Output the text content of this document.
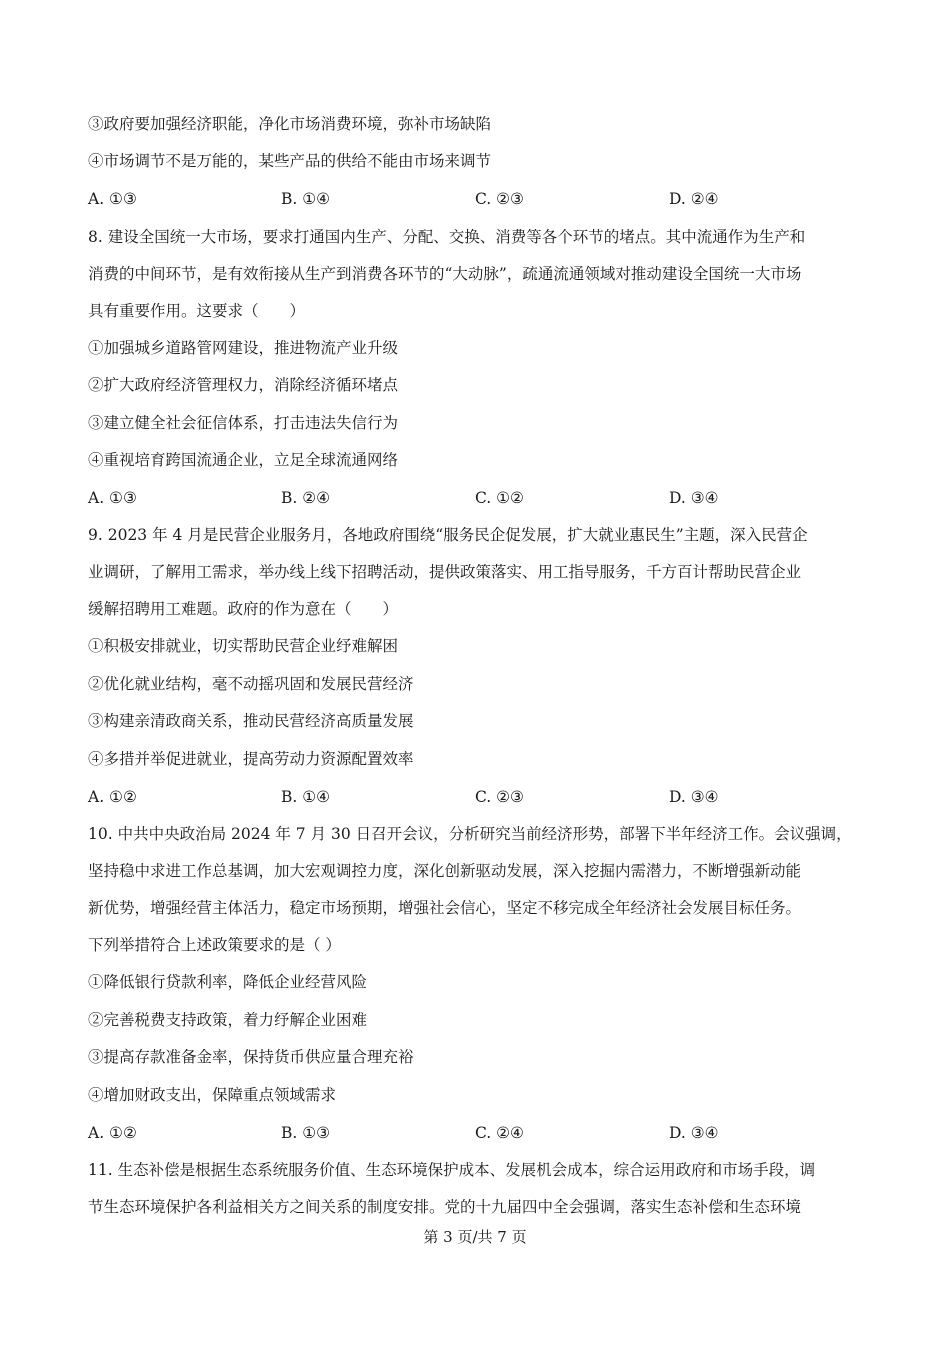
③政府要加强经济职能，净化市场消费环境，弥补市场缺陷
④市场调节不是万能的，某些产品的供给不能由市场来调节
A. ①③	B. ①④	C. ②③	D. ②④
8. 建设全国统一大市场，要求打通国内生产、分配、交换、消费等各个环节的堵点。其中流通作为生产和
消费的中间环节，是有效衔接从生产到消费各环节的“大动脉”，疏通流通领域对推动建设全国统一大市场
具有重要作用。这要求（　　）
①加强城乡道路管网建设，推进物流产业升级
②扩大政府经济管理权力，消除经济循环堵点
③建立健全社会征信体系，打击违法失信行为
④重视培育跨国流通企业，立足全球流通网络
A. ①③	B. ②④	C. ①②	D. ③④
9. 2023 年 4 月是民营企业服务月，各地政府围绕“服务民企促发展，扩大就业惠民生”主题，深入民营企
业调研，了解用工需求，举办线上线下招聘活动，提供政策落实、用工指导服务，千方百计帮助民营企业
缓解招聘用工难题。政府的作为意在（　　）
①积极安排就业，切实帮助民营企业纾难解困
②优化就业结构，毫不动摇巩固和发展民营经济
③构建亲清政商关系，推动民营经济高质量发展
④多措并举促进就业，提高劳动力资源配置效率
A. ①②	B. ①④	C. ②③	D. ③④
10. 中共中央政治局 2024 年 7 月 30 日召开会议，分析研究当前经济形势，部署下半年经济工作。会议强调，
坚持稳中求进工作总基调，加大宏观调控力度，深化创新驱动发展，深入挖掘内需潜力，不断增强新动能
新优势，增强经营主体活力，稳定市场预期，增强社会信心，坚定不移完成全年经济社会发展目标任务。
下列举措符合上述政策要求的是（ ）
①降低银行贷款利率，降低企业经营风险
②完善税费支持政策，着力纾解企业困难
③提高存款准备金率，保持货币供应量合理充裕
④增加财政支出，保障重点领域需求
A. ①②	B. ①③	C. ②④	D. ③④
11. 生态补偿是根据生态系统服务价值、生态环境保护成本、发展机会成本，综合运用政府和市场手段，调
节生态环境保护各利益相关方之间关系的制度安排。党的十九届四中全会强调，落实生态补偿和生态环境
第 3 页/共 7 页
